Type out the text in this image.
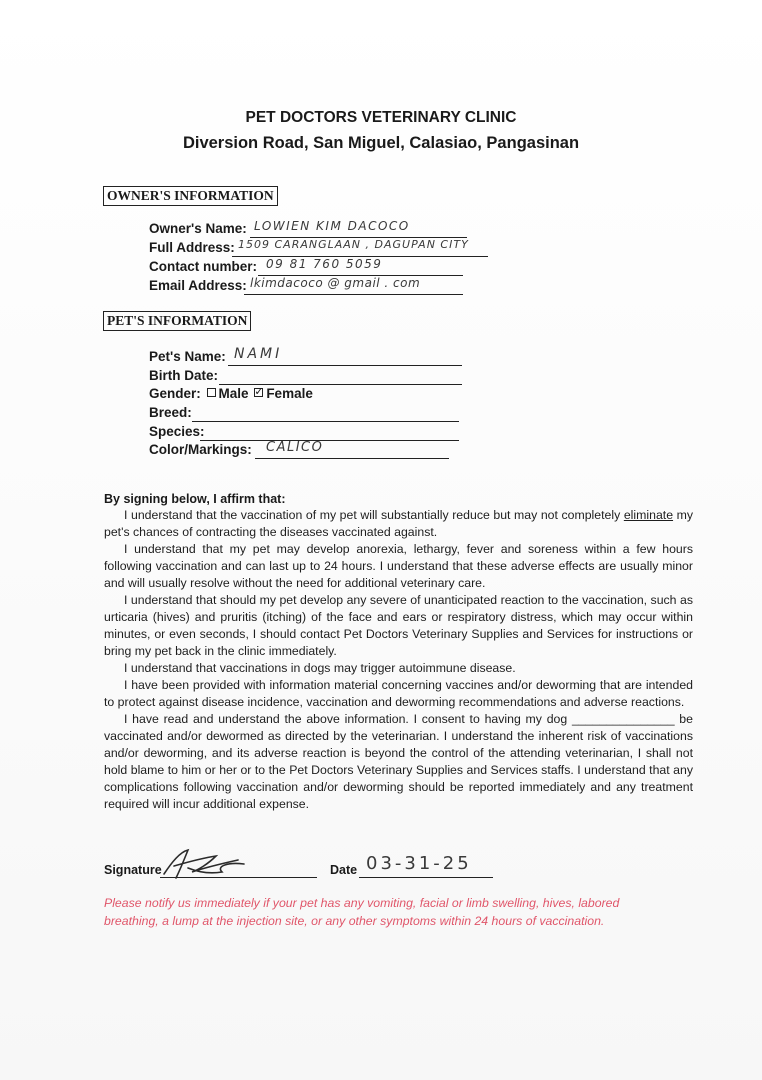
PET DOCTORS VETERINARY CLINIC
Diversion Road, San Miguel, Calasiao, Pangasinan
OWNER'S INFORMATION
Owner's Name: LOWIEN KIM DACOCO
Full Address: 1509 CARANGLAAN , DAGUPAN CITY
Contact number: 09 81 760 5059
Email Address: lkimdacoco @ gmail . com
PET'S INFORMATION
Pet's Name: NAMI
Birth Date:
Gender: Male ✓ Female
Breed:
Species:
Color/Markings: CALICO
By signing below, I affirm that:

I understand that the vaccination of my pet will substantially reduce but may not completely eliminate my pet's chances of contracting the diseases vaccinated against.

I understand that my pet may develop anorexia, lethargy, fever and soreness within a few hours following vaccination and can last up to 24 hours. I understand that these adverse effects are usually minor and will usually resolve without the need for additional veterinary care.

I understand that should my pet develop any severe of unanticipated reaction to the vaccination, such as urticaria (hives) and pruritis (itching) of the face and ears or respiratory distress, which may occur within minutes, or even seconds, I should contact Pet Doctors Veterinary Supplies and Services for instructions or bring my pet back in the clinic immediately.

I understand that vaccinations in dogs may trigger autoimmune disease.

I have been provided with information material concerning vaccines and/or deworming that are intended to protect against disease incidence, vaccination and deworming recommendations and adverse reactions.

I have read and understand the above information. I consent to having my dog _______________ be vaccinated and/or dewormed as directed by the veterinarian. I understand the inherent risk of vaccinations and/or deworming, and its adverse reaction is beyond the control of the attending veterinarian, I shall not hold blame to him or her or to the Pet Doctors Veterinary Supplies and Services staffs. I understand that any complications following vaccination and/or deworming should be reported immediately and any treatment required will incur additional expense.

Signature	Date 03-31-25
Please notify us immediately if your pet has any vomiting, facial or limb swelling, hives, labored breathing, a lump at the injection site, or any other symptoms within 24 hours of vaccination.
